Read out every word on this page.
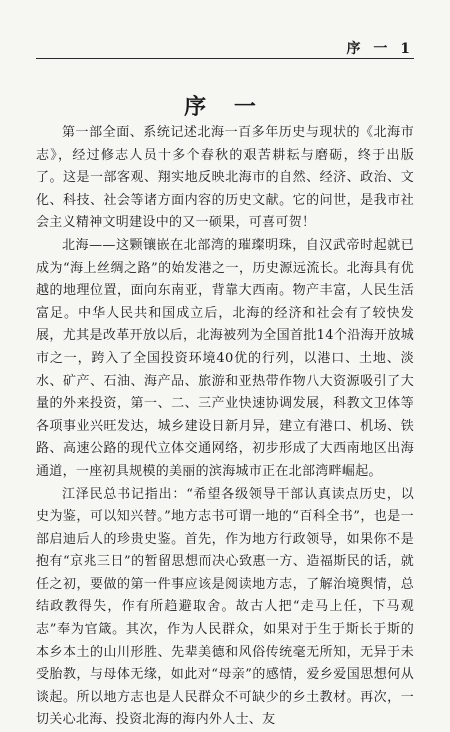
序 一 1
序 一

第一部全面、系统记述北海一百多年历史与现状的《北海市志》，经过修志人员十多个春秋的艰苦耕耘与磨砺，终于出版了。这是一部客观、翔实地反映北海市的自然、经济、政治、文化、科技、社会等诸方面内容的历史文献。它的问世，是我市社会主义精神文明建设中的又一硕果，可喜可贺！

北海——这颗镶嵌在北部湾的璀璨明珠，自汉武帝时起就已成为“海上丝绸之路”的始发港之一，历史源远流长。北海具有优越的地理位置，面向东南亚，背靠大西南。物产丰富，人民生活富足。中华人民共和国成立后，北海的经济和社会有了较快发展，尤其是改革开放以后，北海被列为全国首批14个沿海开放城市之一，跨入了全国投资环境40优的行列，以港口、土地、淡水、矿产、石油、海产品、旅游和亚热带作物八大资源吸引了大量的外来投资，第一、二、三产业快速协调发展，科教文卫体等各项事业兴旺发达，城乡建设日新月异，建立有港口、机场、铁路、高速公路的现代立体交通网络，初步形成了大西南地区出海通道，一座初具规模的美丽的滨海城市正在北部湾畔崛起。

江泽民总书记指出：“希望各级领导干部认真读点历史，以史为鉴，可以知兴替。”地方志书可谓一地的“百科全书”，也是一部启迪后人的珍贵史鉴。首先，作为地方行政领导，如果你不是抱有“京兆三日”的暂留思想而决心致惠一方、造福斯民的话，就任之初，要做的第一件事应该是阅读地方志，了解治境舆情，总结政教得失，作有所趋避取舍。故古人把“走马上任，下马观志”奉为官箴。其次，作为人民群众，如果对于生于斯长于斯的本乡本土的山川形胜、先辈美德和风俗传统毫无所知，无异于未受胎教，与母体无缘，如此对“母亲”的感情，爱乡爱国思想何从谈起。所以地方志也是人民群众不可缺少的乡土教材。再次，一切关心北海、投资北海的海内外人士、友
